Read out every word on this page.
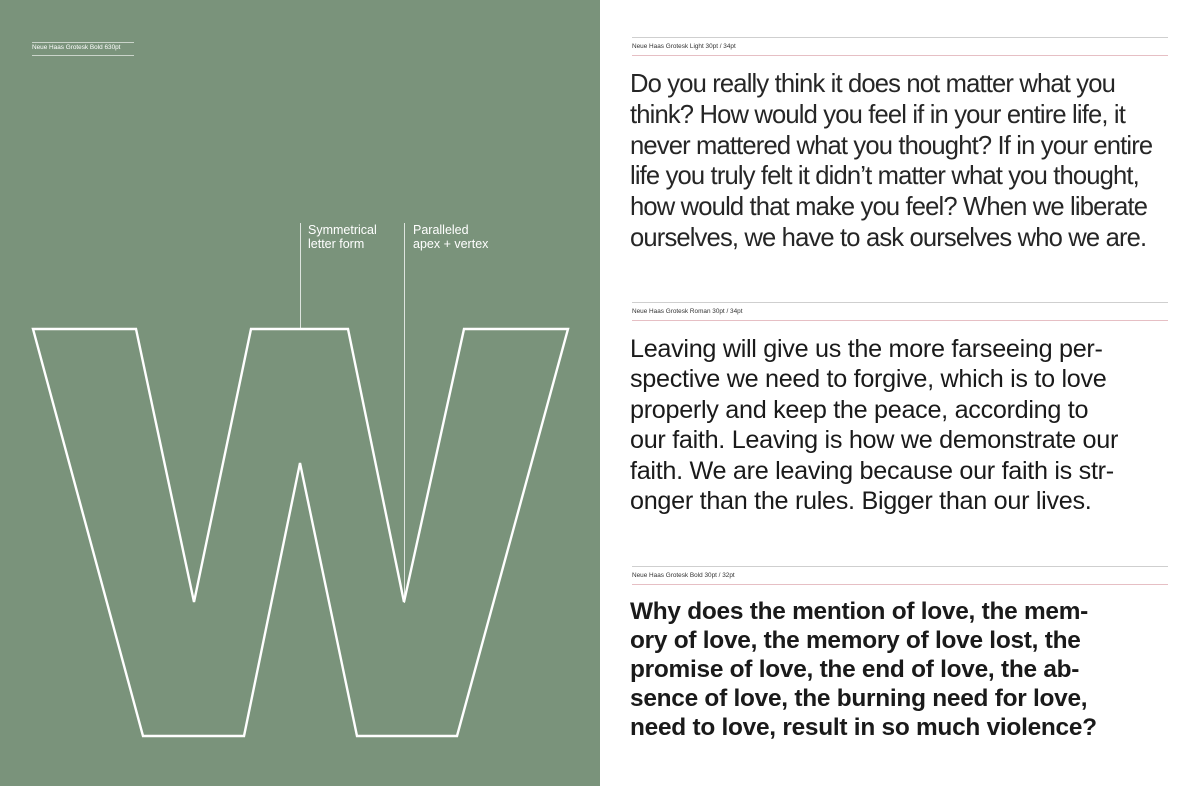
Neue Haas Grotesk Bold 630pt
Symmetrical
letter form
Paralleled
apex + vertex
Neue Haas Grotesk Light 30pt / 34pt
Do you really think it does not matter what you
think? How would you feel if in your entire life, it
never mattered what you thought? If in your entire
life you truly felt it didn’t matter what you thought,
how would that make you feel? When we liberate
ourselves, we have to ask ourselves who we are.
Neue Haas Grotesk Roman 30pt / 34pt
Leaving will give us the more farseeing per-
spective we need to forgive, which is to love
properly and keep the peace, according to
our faith. Leaving is how we demonstrate our
faith. We are leaving because our faith is str-
onger than the rules. Bigger than our lives.
Neue Haas Grotesk Bold 30pt / 32pt
Why does the mention of love, the mem-
ory of love, the memory of love lost, the
promise of love, the end of love, the ab-
sence of love, the burning need for love,
need to love, result in so much violence?
